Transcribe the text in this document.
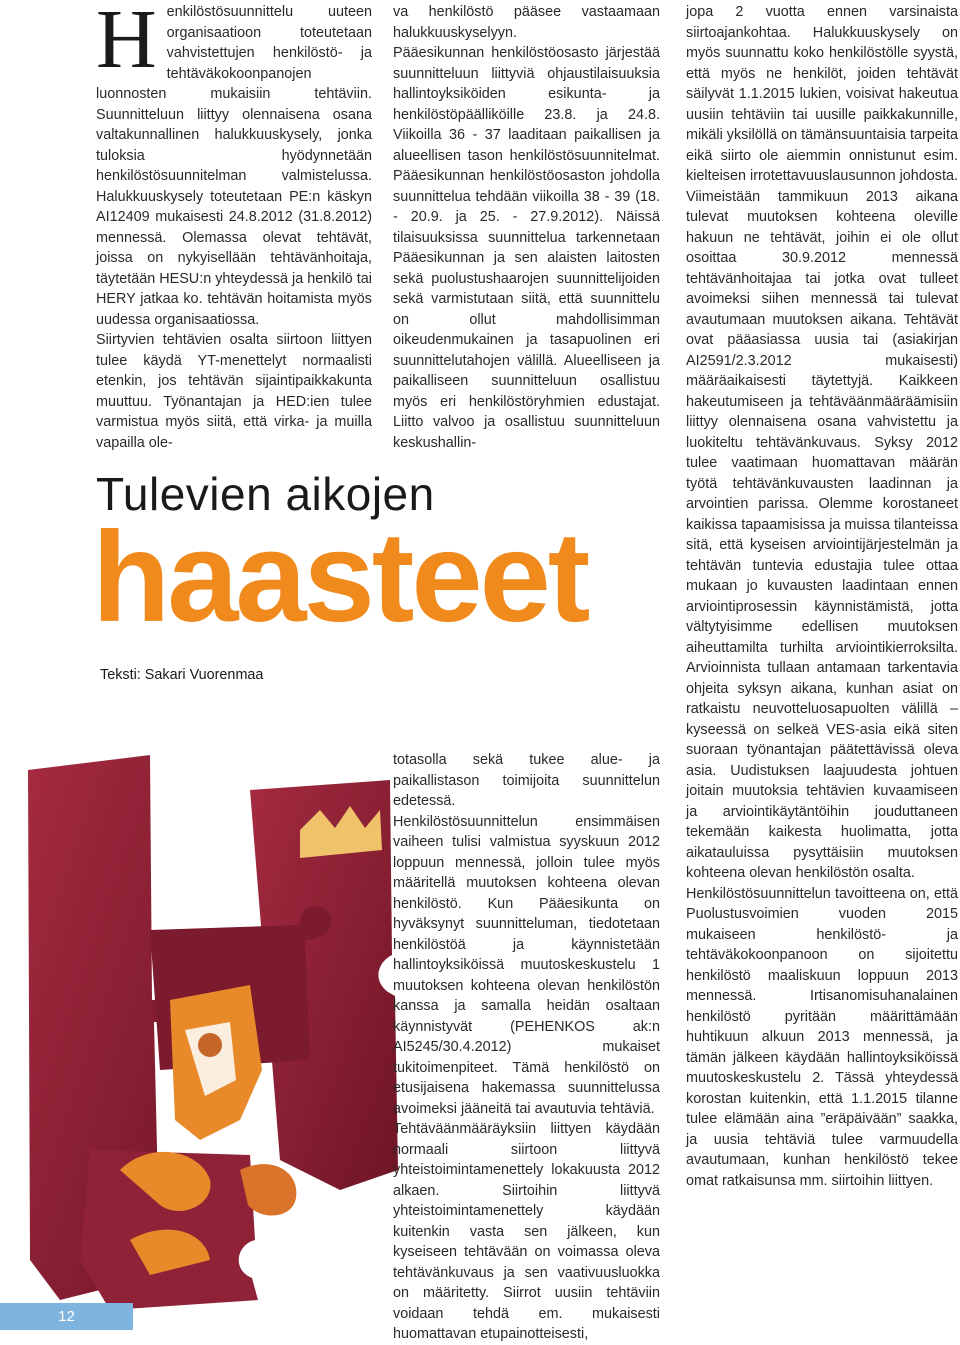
H enkilöstösuunnittelu uuteen organisaatioon toteutetaan vahvistettujen henkilöstö- ja tehtäväkokoonpanojen luonnosten mukaisiin tehtäviin. Suunnitteluun liittyy olennaisena osana valtakunnallinen halukkuuskysely, jonka tuloksia hyödynnetään henkilöstösuunnitelman valmistelussa. Halukkuuskysely toteutetaan PE:n käskyn AI12409 mukaisesti 24.8.2012 (31.8.2012) mennessä. Olemassa olevat tehtävät, joissa on nykyisellään tehtävänhoitaja, täytetään HESU:n yhteydessä ja henkilö tai HERY jatkaa ko. tehtävän hoitamista myös uudessa organisaatiossa.

Siirtyvien tehtävien osalta siirtoon liittyen tulee käydä YT-menettelyt normaalisti etenkin, jos tehtävän sijaintipaikkakunta muuttuu. Työnantajan ja HED:ien tulee varmistua myös siitä, että virka- ja muilla vapailla ole-

va henkilöstö pääsee vastaamaan halukkuuskyselyyn.

Pääesikunnan henkilöstöosasto järjestää suunnitteluun liittyviä ohjaustilaisuuksia hallintoyksiköiden esikunta- ja henkilöstöpäälliköille 23.8. ja 24.8. Viikoilla 36 - 37 laaditaan paikallisen ja alueellisen tason henkilöstösuunnitelmat. Pääesikunnan henkilöstöosaston johdolla suunnittelua tehdään viikoilla 38 - 39 (18. - 20.9. ja 25. - 27.9.2012). Näissä tilaisuuksissa suunnittelua tarkennetaan Pääesikunnan ja sen alaisten laitosten sekä puolustushaarojen suunnittelijoiden sekä varmistutaan siitä, että suunnittelu on ollut mahdollisimman oikeudenmukainen ja tasapuolinen eri suunnittelutahojen välillä. Alueelliseen ja paikalliseen suunnitteluun osallistuu myös eri henkilöstöryhmien edustajat. Liitto valvoo ja osallistuu suunnitteluun keskushallin-

Tulevien aikojen
haasteet
Teksti: Sakari Vuorenmaa

totasolla sekä tukee alue- ja paikallistason toimijoita suunnittelun edetessä.

Henkilöstösuunnittelun ensimmäisen vaiheen tulisi valmistua syyskuun 2012 loppuun mennessä, jolloin tulee myös määritellä muutoksen kohteena olevan henkilöstö. Kun Pääesikunta on hyväksynyt suunnitteluman, tiedotetaan henkilöstöä ja käynnistetään hallintoyksiköissä muutoskeskustelu 1 muutoksen kohteena olevan henkilöstön kanssa ja samalla heidän osaltaan käynnistyvät (PEHENKOS ak:n AI5245/30.4.2012) mukaiset tukitoimenpiteet. Tämä henkilöstö on etusijaisena hakemassa suunnittelussa avoimeksi jääneitä tai avautuvia tehtäviä.

Tehtäväänmääräyksiin liittyen käydään normaali siirtoon liittyvä yhteistoimintamenettely lokakuusta 2012 alkaen. Siirtoihin liittyvä yhteistoimintamenettely käydään kuitenkin vasta sen jälkeen, kun kyseiseen tehtävään on voimassa oleva tehtävänkuvaus ja sen vaativuusluokka on määritetty. Siirrot uusiin tehtäviin voidaan tehdä em. mukaisesti huomattavan etupainotteisesti,

jopa 2 vuotta ennen varsinaista siirtoajankohtaa. Halukkuuskysely on myös suunnattu koko henkilöstölle syystä, että myös ne henkilöt, joiden tehtävät säilyvät 1.1.2015 lukien, voisivat hakeutua uusiin tehtäviin tai uusille paikkakunnille, mikäli yksilöllä on tämänsuuntaisia tarpeita eikä siirto ole aiemmin onnistunut esim. kielteisen irrotettavuuslausunnon johdosta.

Viimeistään tammikuun 2013 aikana tulevat muutoksen kohteena oleville hakuun ne tehtävät, joihin ei ole ollut osoittaa 30.9.2012 mennessä tehtävänhoitajaa tai jotka ovat tulleet avoimeksi siihen mennessä tai tulevat avautumaan muutoksen aikana. Tehtävät ovat pääasiassa uusia tai (asiakirjan AI2591/2.3.2012 mukaisesti) määräaikaisesti täytettyjä. Kaikkeen hakeutumiseen ja tehtäväänmääräämisiin liittyy olennaisena osana vahvistettu ja luokiteltu tehtävänkuvaus. Syksy 2012 tulee vaatimaan huomattavan määrän työtä tehtävänkuvausten laadinnan ja arvointien parissa. Olemme korostaneet kaikissa tapaamisissa ja muissa tilanteissa sitä, että kyseisen arviointijärjestelmän ja tehtävän tuntevia edustajia tulee ottaa mukaan jo kuvausten laadintaan ennen arviointiprosessin käynnistämistä, jotta vältytyisimme edellisen muutoksen aiheuttamilta turhilta arviointikierroksilta. Arvioinnista tullaan antamaan tarkentavia ohjeita syksyn aikana, kunhan asiat on ratkaistu neuvotteluosapuolten välillä – kyseessä on selkeä VES-asia eikä siten suoraan työnantajan päätettävissä oleva asia. Uudistuksen laajuudesta johtuen joitain muutoksia tehtävien kuvaamiseen ja arviointikäytäntöihin jouduttaneen tekemään kaikesta huolimatta, jotta aikatauluissa pysyttäisiin muutoksen kohteena olevan henkilöstön osalta.

Henkilöstösuunnittelun tavoitteena on, että Puolustusvoimien vuoden 2015 mukaiseen henkilöstö- ja tehtäväkokoonpanoon on sijoitettu henkilöstö maaliskuun loppuun 2013 mennessä. Irtisanomisuhanalainen henkilöstö pyritään määrittämään huhtikuun alkuun 2013 mennessä, ja tämän jälkeen käydään hallintoyksiköissä muutoskeskustelu 2. Tässä yhteydessä korostan kuitenkin, että 1.1.2015 tilanne tulee elämään aina ”eräpäivään” saakka, ja uusia tehtäviä tulee varmuudella avautumaan, kunhan henkilöstö tekee omat ratkaisunsa mm. siirtoihin liittyen.

12
